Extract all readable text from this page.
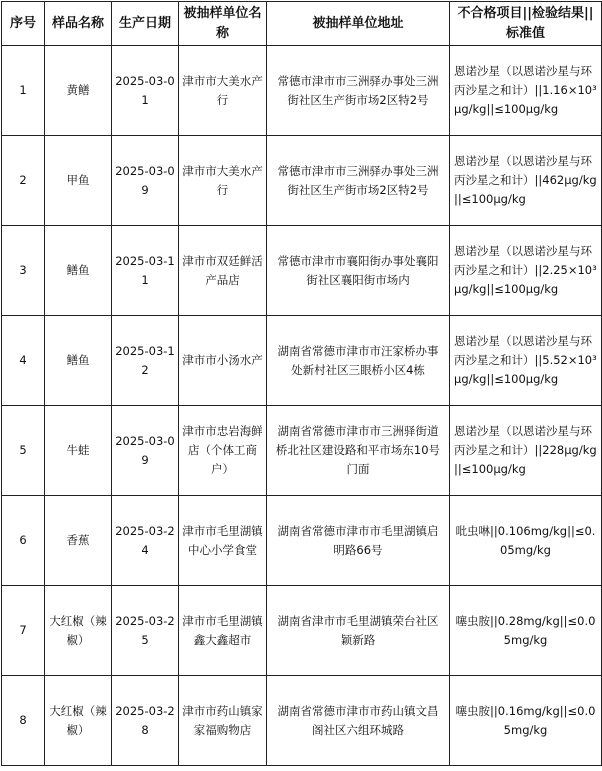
序号	样品名称	生产日期	被抽样单位名称	被抽样单位地址	不合格项目||检验结果||标准值
1	黄鳝	2025-03-01	津市市大美水产行	常德市津市市三洲驿办事处三洲街社区生产街市场2区特2号	恩诺沙星（以恩诺沙星与环丙沙星之和计）||1.16×10³μg/kg||≤100μg/kg
2	甲鱼	2025-03-09	津市市大美水产行	常德市津市市三洲驿办事处三洲街社区生产街市场2区特2号	恩诺沙星（以恩诺沙星与环丙沙星之和计）||462μg/kg||≤100μg/kg
3	鳝鱼	2025-03-11	津市市双廷鲜活产品店	常德市津市市襄阳街办事处襄阳街社区襄阳街市场内	恩诺沙星（以恩诺沙星与环丙沙星之和计）||2.25×10³μg/kg||≤100μg/kg
4	鳝鱼	2025-03-12	津市市小汤水产	湖南省常德市津市市汪家桥办事处新村社区三眼桥小区4栋	恩诺沙星（以恩诺沙星与环丙沙星之和计）||5.52×10³μg/kg||≤100μg/kg
5	牛蛙	2025-03-09	津市市忠岩海鲜店（个体工商户）	湖南省常德市津市市三洲驿街道桥北社区建设路和平市场东10号门面	恩诺沙星（以恩诺沙星与环丙沙星之和计）||228μg/kg||≤100μg/kg
6	香蕉	2025-03-24	津市市毛里湖镇中心小学食堂	湖南省常德市津市市毛里湖镇启明路66号	吡虫啉||0.106mg/kg||≤0.05mg/kg
7	大红椒（辣椒）	2025-03-25	津市市毛里湖镇鑫大鑫超市	湖南省津市市毛里湖镇荣台社区颖新路	噻虫胺||0.28mg/kg||≤0.05mg/kg
8	大红椒（辣椒）	2025-03-28	津市市药山镇家家福购物店	湖南省常德市津市市药山镇文昌阁社区六组环城路	噻虫胺||0.16mg/kg||≤0.05mg/kg
